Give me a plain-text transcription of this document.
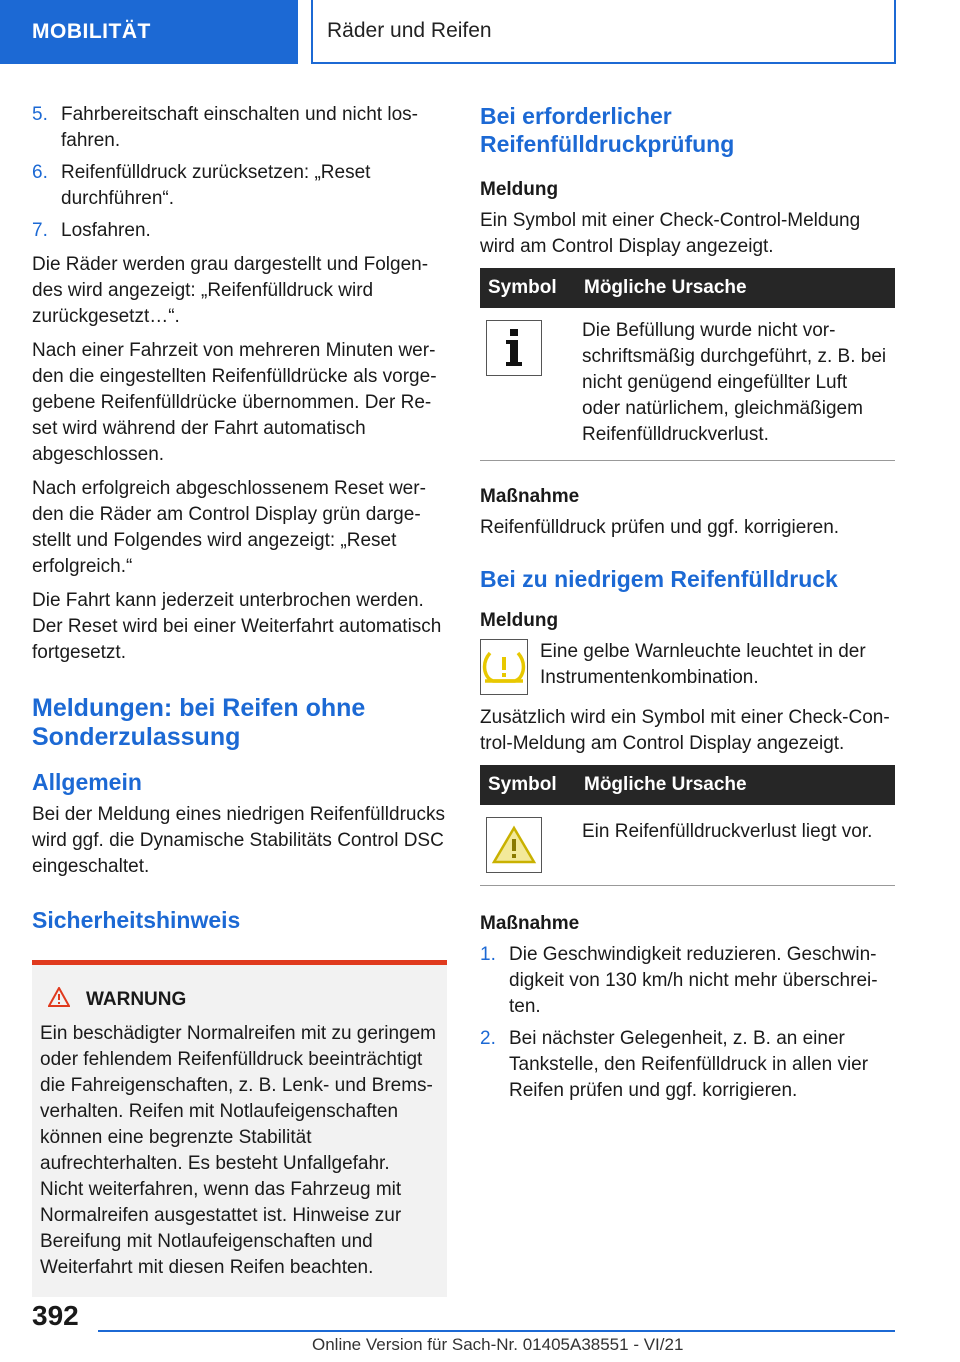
MOBILITÄT	Räder und Reifen
5. Fahrbereitschaft einschalten und nicht losfahren.
6. Reifenfülldruck zurücksetzen: „Reset durchführen“.
7. Losfahren.

Die Räder werden grau dargestellt und Folgendes wird angezeigt: „Reifenfülldruck wird zurückgesetzt…“.

Nach einer Fahrzeit von mehreren Minuten werden die eingestellten Reifenfülldrücke als vorgegebene Reifenfülldrücke übernommen. Der Reset wird während der Fahrt automatisch abgeschlossen.

Nach erfolgreich abgeschlossenem Reset werden die Räder am Control Display grün dargestellt und Folgendes wird angezeigt: „Reset erfolgreich.“

Die Fahrt kann jederzeit unterbrochen werden. Der Reset wird bei einer Weiterfahrt automatisch fortgesetzt.

Meldungen: bei Reifen ohne Sonderzulassung
Allgemein

Bei der Meldung eines niedrigen Reifenfülldrucks wird ggf. die Dynamische Stabilitäts Control DSC eingeschaltet.

Sicherheitshinweis
WARNUNG
Ein beschädigter Normalreifen mit zu geringem oder fehlendem Reifenfülldruck beeinträchtigt die Fahreigenschaften, z. B. Lenk- und Bremsverhalten. Reifen mit Notlaufeigenschaften können eine begrenzte Stabilität aufrechterhalten. Es besteht Unfallgefahr. Nicht weiterfahren, wenn das Fahrzeug mit Normalreifen ausgestattet ist. Hinweise zur Bereifung mit Notlaufeigenschaften und Weiterfahrt mit diesen Reifen beachten.
Bei erforderlicher Reifenfülldruckprüfung
Meldung

Ein Symbol mit einer Check-Control-Meldung wird am Control Display angezeigt.

Symbol	Mögliche Ursache

	Die Befüllung wurde nicht vorschriftsmäßig durchgeführt, z. B. bei nicht genügend eingefüllter Luft oder natürlichem, gleichmäßigem Reifenfülldruckverlust.
Maßnahme

Reifenfülldruck prüfen und ggf. korrigieren.

Bei zu niedrigem Reifenfülldruck
Meldung

Eine gelbe Warnleuchte leuchtet in der Instrumentenkombination.

Zusätzlich wird ein Symbol mit einer Check-Control-Meldung am Control Display angezeigt.

Symbol	Mögliche Ursache

	Ein Reifenfülldruckverlust liegt vor.
Maßnahme
1. Die Geschwindigkeit reduzieren. Geschwindigkeit von 130 km/h nicht mehr überschreiten.
2. Bei nächster Gelegenheit, z. B. an einer Tankstelle, den Reifenfülldruck in allen vier Reifen prüfen und ggf. korrigieren.
392
Online Version für Sach-Nr. 01405A38551 - VI/21
